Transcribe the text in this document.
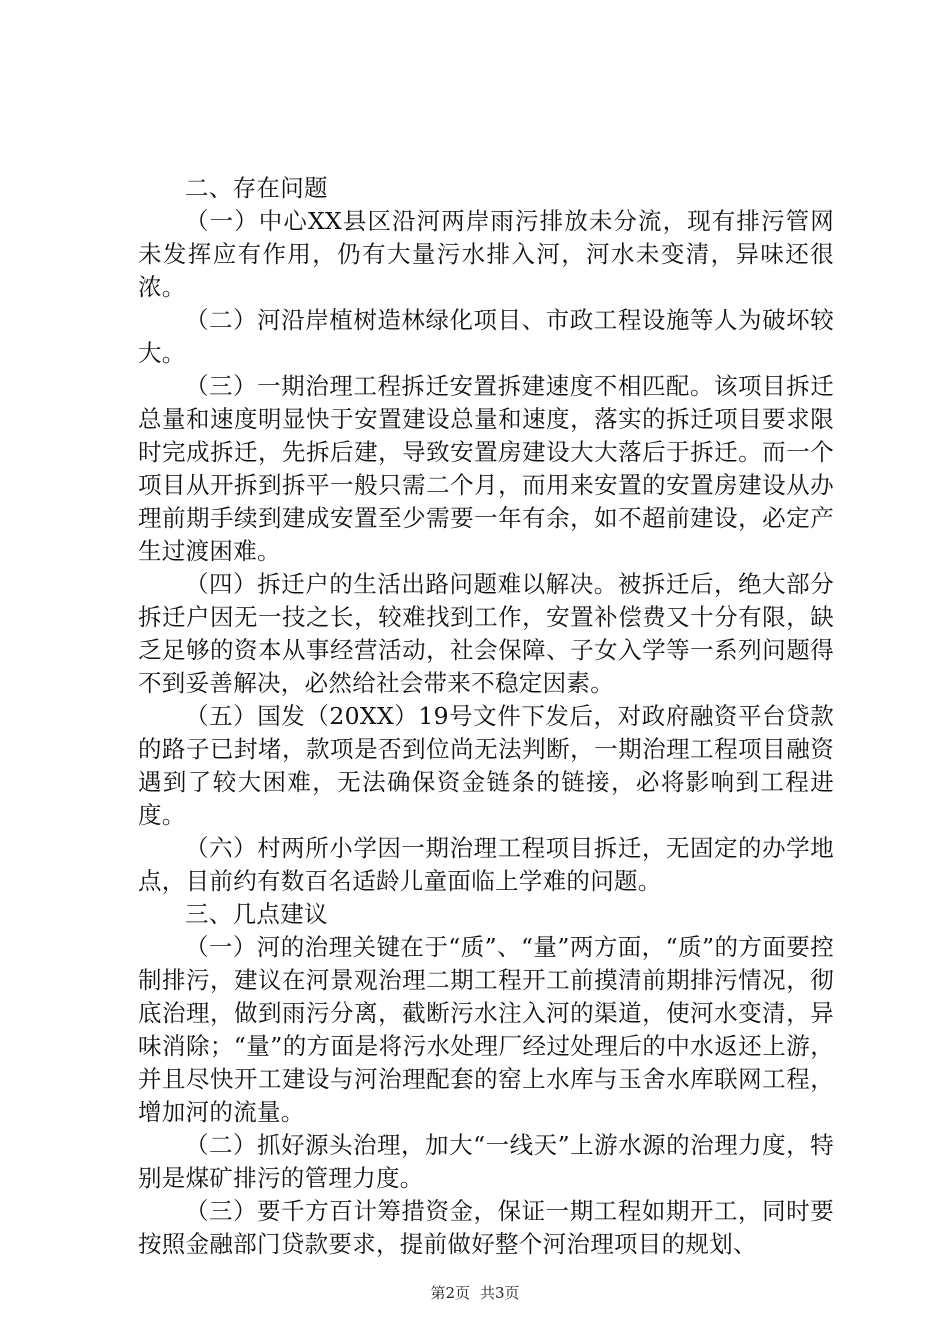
二、存在问题

（一）中心XX县区沿河两岸雨污排放未分流，现有排污管网未发挥应有作用，仍有大量污水排入河，河水未变清，异味还很浓。

（二）河沿岸植树造林绿化项目、市政工程设施等人为破坏较大。

（三）一期治理工程拆迁安置拆建速度不相匹配。该项目拆迁总量和速度明显快于安置建设总量和速度，落实的拆迁项目要求限时完成拆迁，先拆后建，导致安置房建设大大落后于拆迁。而一个项目从开拆到拆平一般只需二个月，而用来安置的安置房建设从办理前期手续到建成安置至少需要一年有余，如不超前建设，必定产生过渡困难。

（四）拆迁户的生活出路问题难以解决。被拆迁后，绝大部分拆迁户因无一技之长，较难找到工作，安置补偿费又十分有限，缺乏足够的资本从事经营活动，社会保障、子女入学等一系列问题得不到妥善解决，必然给社会带来不稳定因素。

（五）国发（20XX）19号文件下发后，对政府融资平台贷款的路子已封堵，款项是否到位尚无法判断，一期治理工程项目融资遇到了较大困难，无法确保资金链条的链接，必将影响到工程进度。

（六）村两所小学因一期治理工程项目拆迁，无固定的办学地点，目前约有数百名适龄儿童面临上学难的问题。

三、几点建议

（一）河的治理关键在于“质”、“量”两方面，“质”的方面要控制排污，建议在河景观治理二期工程开工前摸清前期排污情况，彻底治理，做到雨污分离，截断污水注入河的渠道，使河水变清，异味消除；“量”的方面是将污水处理厂经过处理后的中水返还上游，并且尽快开工建设与河治理配套的窑上水库与玉舍水库联网工程，增加河的流量。

（二）抓好源头治理，加大“一线天”上游水源的治理力度，特别是煤矿排污的管理力度。

（三）要千方百计筹措资金，保证一期工程如期开工，同时要按照金融部门贷款要求，提前做好整个河治理项目的规划、

第2页 共3页
